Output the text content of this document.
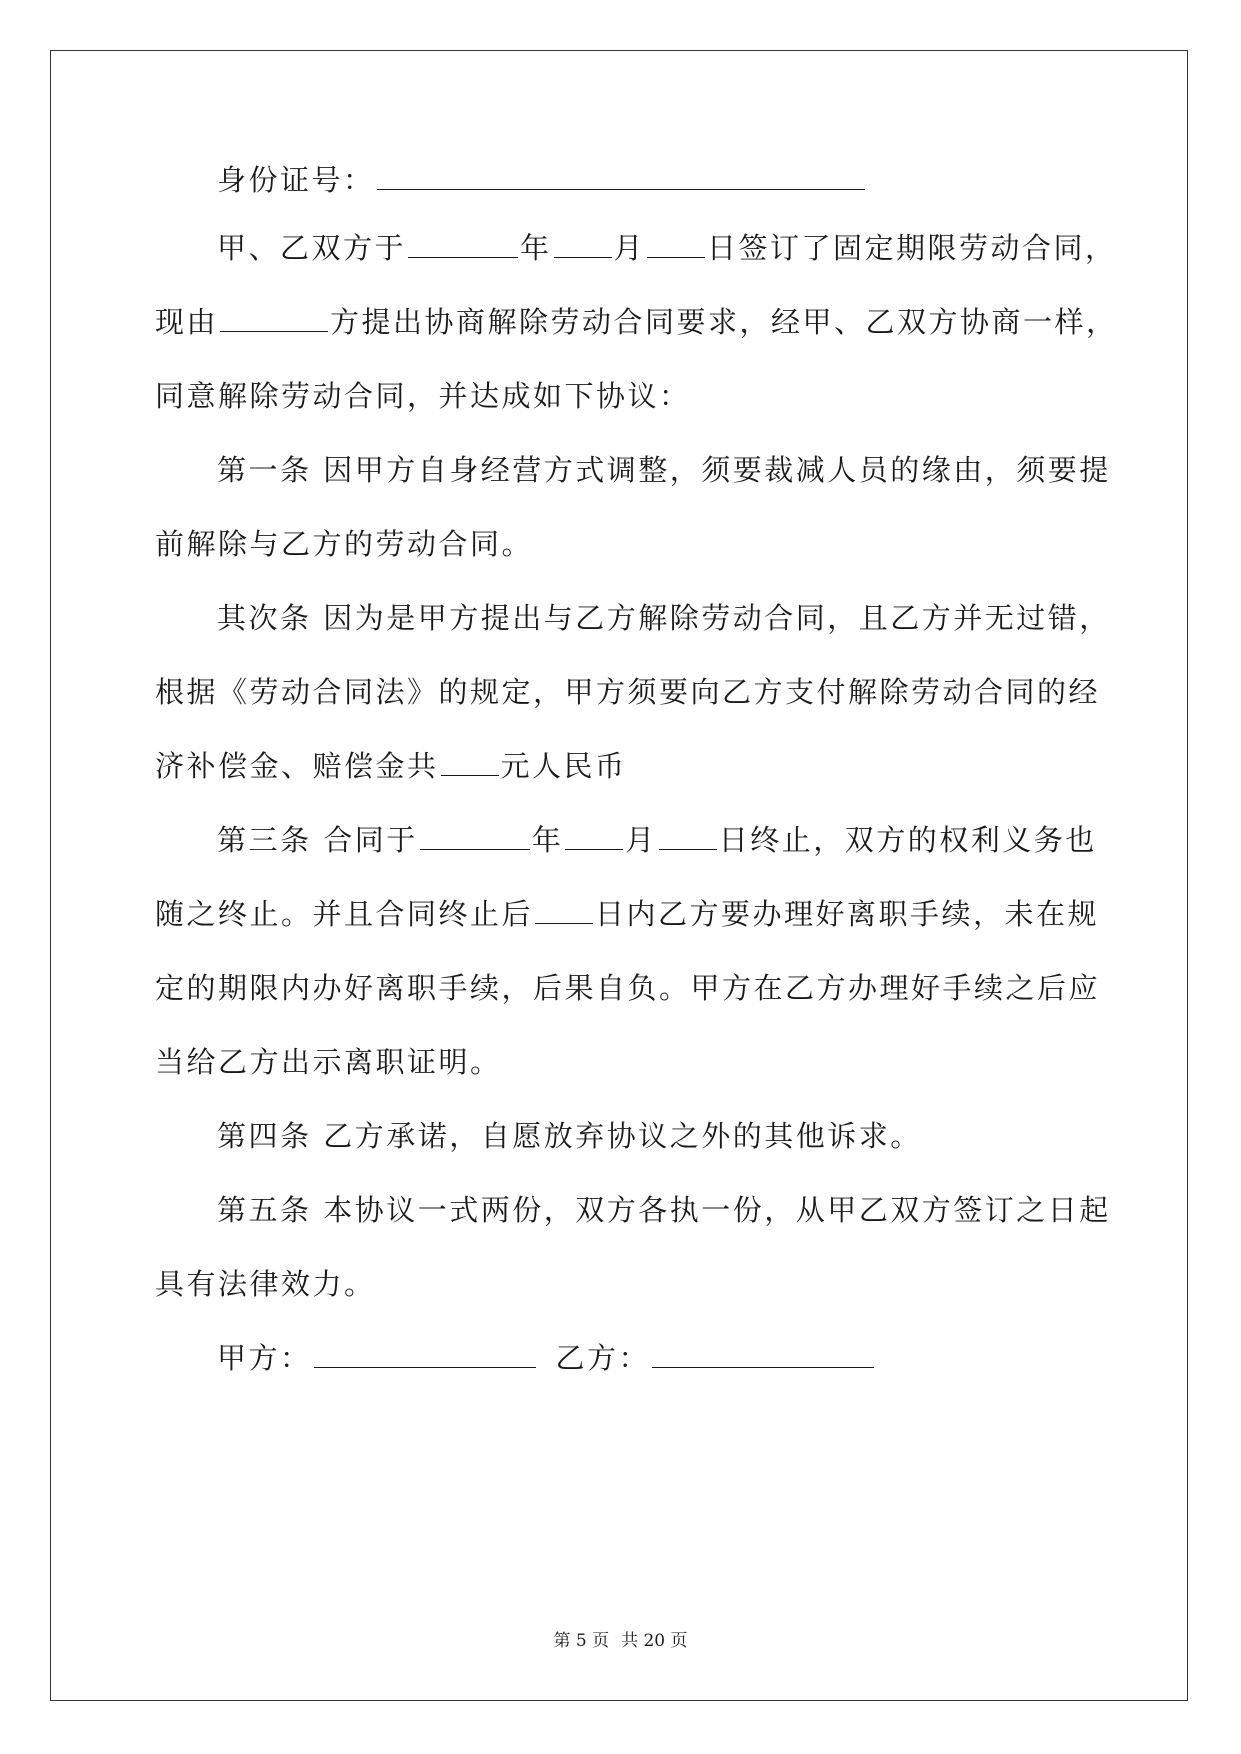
身份证号：
甲、乙双方于	年 月 日签订了固定期限劳动合同，
现由	方提出协商解除劳动合同要求，经甲、乙双方协商一样，
同意解除劳动合同，并达成如下协议：
第一条 因甲方自身经营方式调整，须要裁减人员的缘由，须要提
前解除与乙方的劳动合同。
其次条 因为是甲方提出与乙方解除劳动合同，且乙方并无过错，
根据《劳动合同法》的规定，甲方须要向乙方支付解除劳动合同的经
济补偿金、赔偿金共 元人民币
第三条 合同于	年 月 日终止，双方的权利义务也
随之终止。并且合同终止后 日内乙方要办理好离职手续，未在规
定的期限内办好离职手续，后果自负。甲方在乙方办理好手续之后应
当给乙方出示离职证明。
第四条 乙方承诺，自愿放弃协议之外的其他诉求。
第五条 本协议一式两份，双方各执一份，从甲乙双方签订之日起
具有法律效力。
甲方：	乙方：
第 5 页 共 20 页
